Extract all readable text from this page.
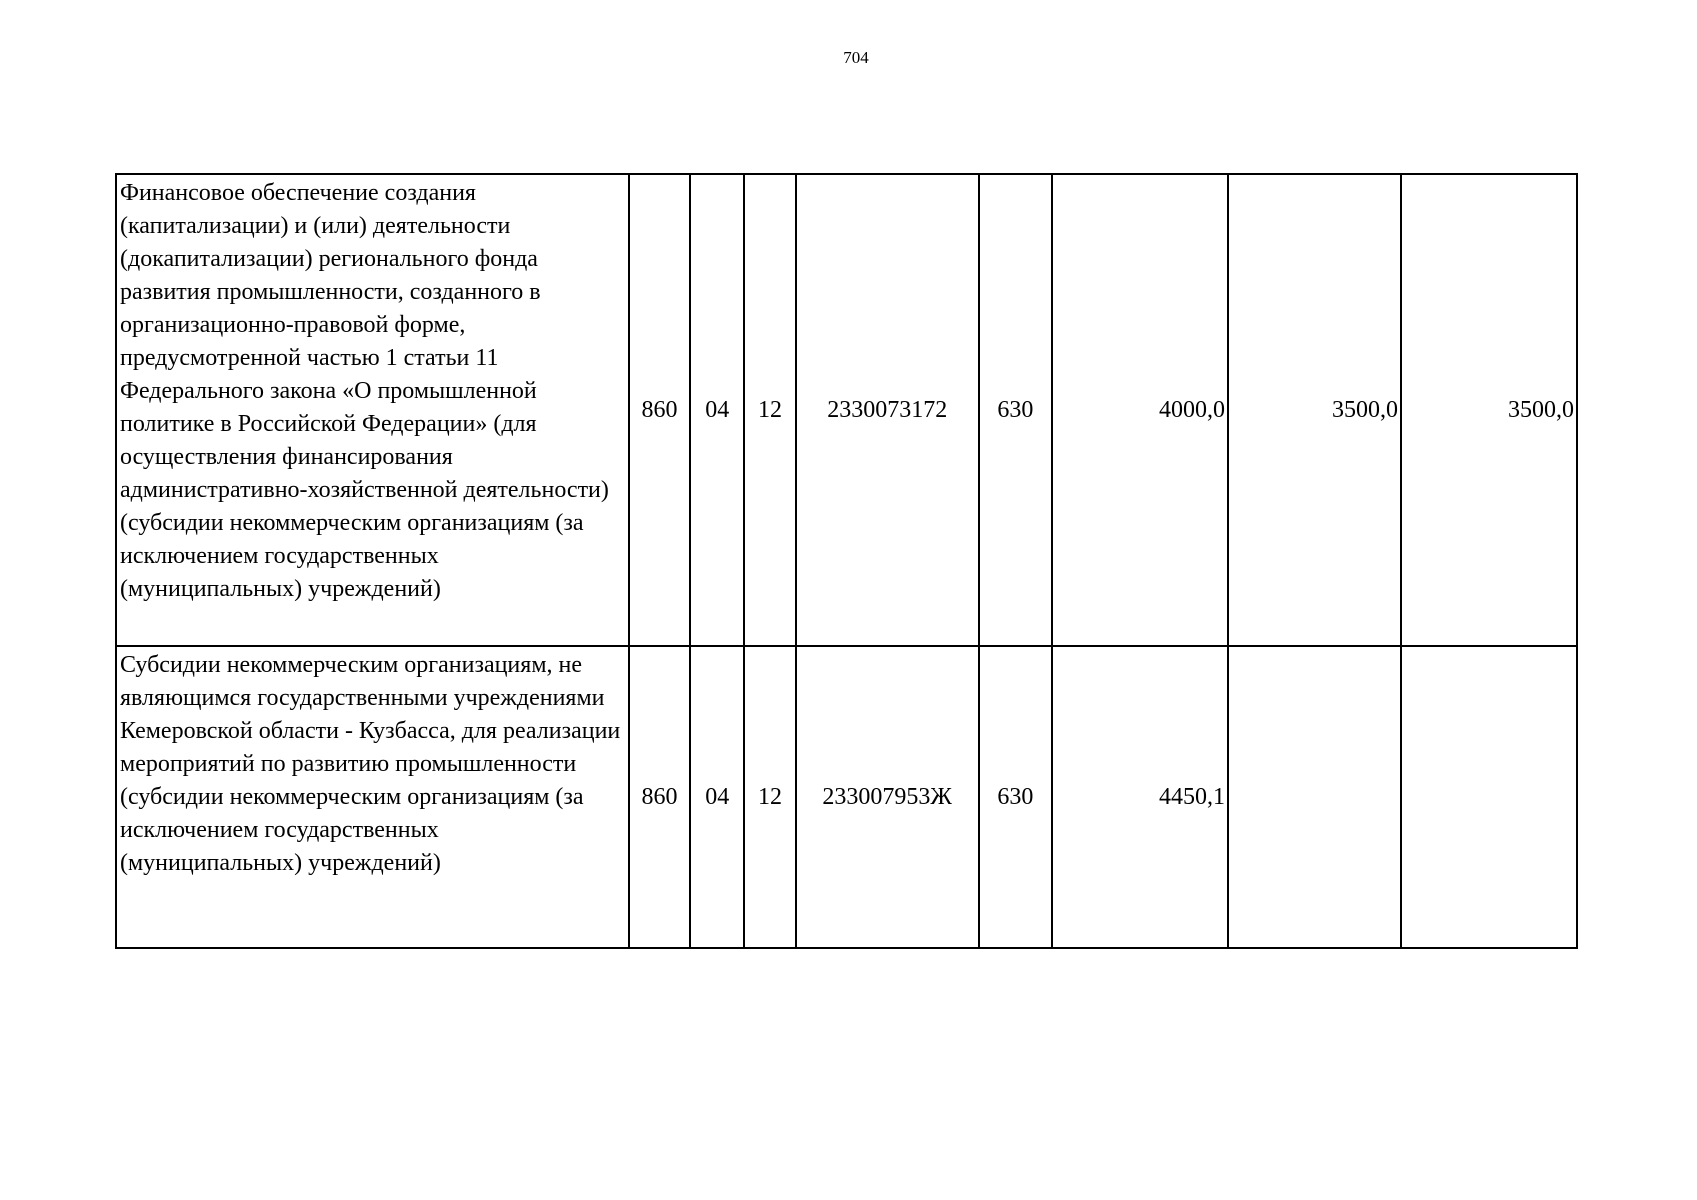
704
Финансовое обеспечение создания (капитализации) и (или) деятельности (докапитализации) регионального фонда развития промышленности, созданного в организационно-правовой форме, предусмотренной частью 1 статьи 11 Федерального закона «О промышленной политике в Российской Федерации» (для осуществления финансирования административно-хозяйственной деятельности) (субсидии некоммерческим организациям (за исключением государственных (муниципальных) учреждений)	860	04	12	2330073172	630	4000,0	3500,0	3500,0
Субсидии некоммерческим организациям, не являющимся государственными учреждениями Кемеровской области - Кузбасса, для реализации мероприятий по развитию промышленности (субсидии некоммерческим организациям (за исключением государственных (муниципальных) учреждений)	860	04	12	233007953Ж	630	4450,1		
